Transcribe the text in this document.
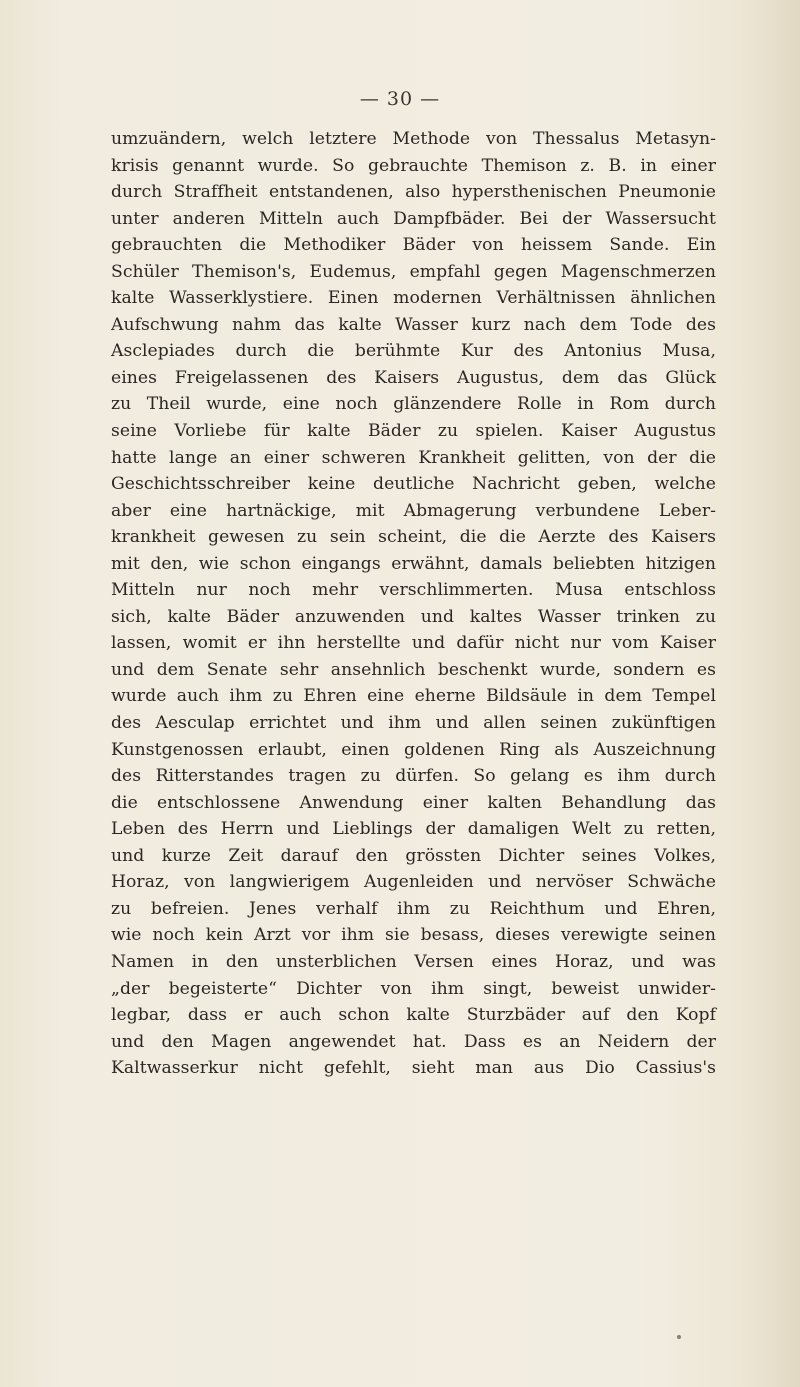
— 30 —
umzuändern, welch letztere Methode von Thessalus Metasyn-
krisis genannt wurde. So gebrauchte Themison z. B. in einer
durch Straffheit entstandenen, also hypersthenischen Pneumonie
unter anderen Mitteln auch Dampfbäder. Bei der Wassersucht
gebrauchten die Methodiker Bäder von heissem Sande. Ein
Schüler Themison's, Eudemus, empfahl gegen Magenschmerzen
kalte Wasserklystiere. Einen modernen Verhältnissen ähnlichen
Aufschwung nahm das kalte Wasser kurz nach dem Tode des
Asclepiades durch die berühmte Kur des Antonius Musa,
eines Freigelassenen des Kaisers Augustus, dem das Glück
zu Theil wurde, eine noch glänzendere Rolle in Rom durch
seine Vorliebe für kalte Bäder zu spielen. Kaiser Augustus
hatte lange an einer schweren Krankheit gelitten, von der die
Geschichtsschreiber keine deutliche Nachricht geben, welche
aber eine hartnäckige, mit Abmagerung verbundene Leber-
krankheit gewesen zu sein scheint, die die Aerzte des Kaisers
mit den, wie schon eingangs erwähnt, damals beliebten hitzigen
Mitteln nur noch mehr verschlimmerten. Musa entschloss
sich, kalte Bäder anzuwenden und kaltes Wasser trinken zu
lassen, womit er ihn herstellte und dafür nicht nur vom Kaiser
und dem Senate sehr ansehnlich beschenkt wurde, sondern es
wurde auch ihm zu Ehren eine eherne Bildsäule in dem Tempel
des Aesculap errichtet und ihm und allen seinen zukünftigen
Kunstgenossen erlaubt, einen goldenen Ring als Auszeichnung
des Ritterstandes tragen zu dürfen. So gelang es ihm durch
die entschlossene Anwendung einer kalten Behandlung das
Leben des Herrn und Lieblings der damaligen Welt zu retten,
und kurze Zeit darauf den grössten Dichter seines Volkes,
Horaz, von langwierigem Augenleiden und nervöser Schwäche
zu befreien. Jenes verhalf ihm zu Reichthum und Ehren,
wie noch kein Arzt vor ihm sie besass, dieses verewigte seinen
Namen in den unsterblichen Versen eines Horaz, und was
„der begeisterte“ Dichter von ihm singt, beweist unwider-
legbar, dass er auch schon kalte Sturzbäder auf den Kopf
und den Magen angewendet hat. Dass es an Neidern der
Kaltwasserkur nicht gefehlt, sieht man aus Dio Cassius's
